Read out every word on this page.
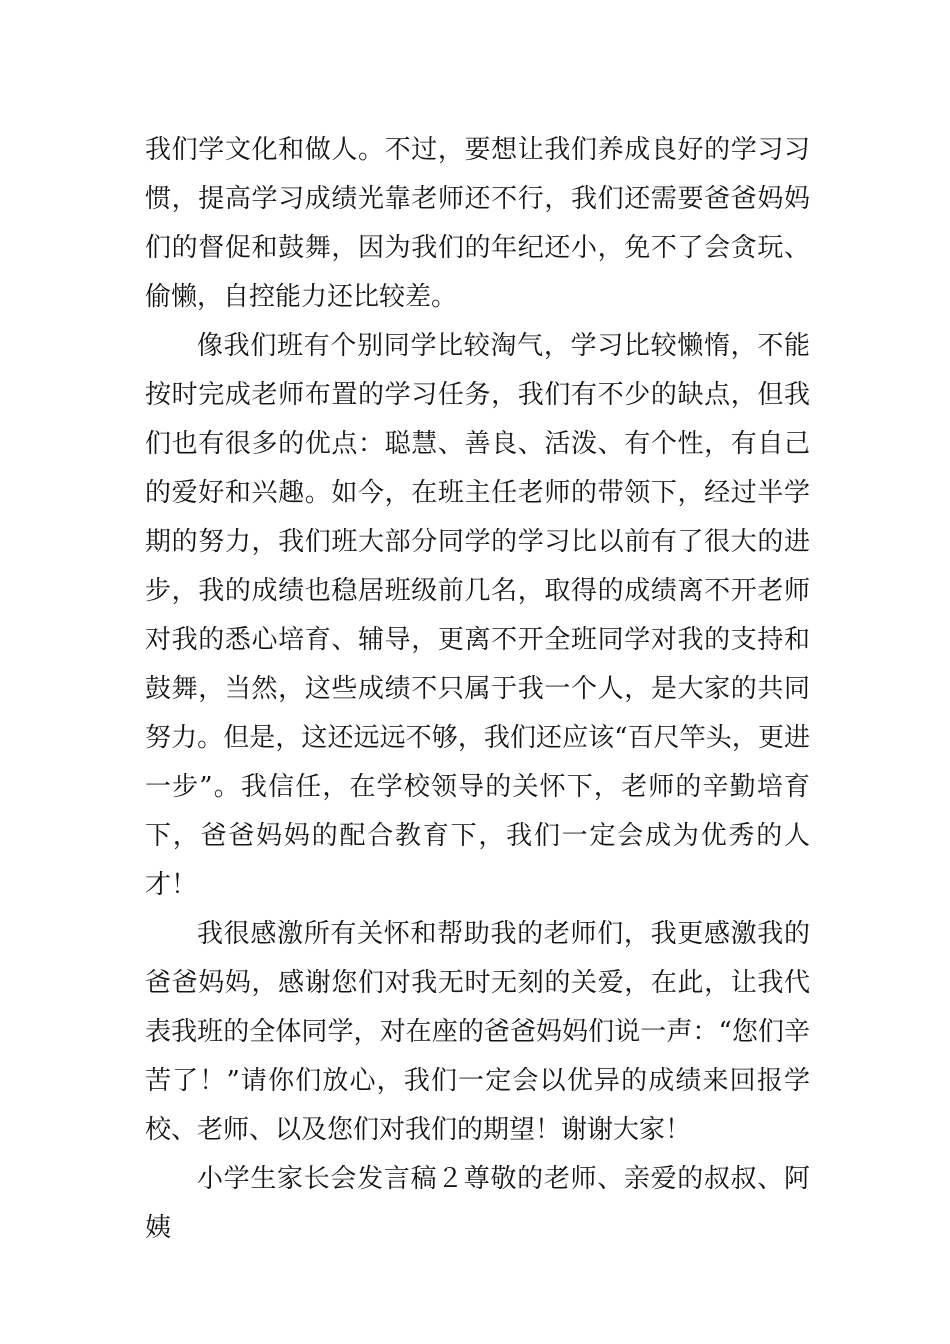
我们学文化和做人。不过，要想让我们养成良好的学习习惯，提高学习成绩光靠老师还不行，我们还需要爸爸妈妈们的督促和鼓舞，因为我们的年纪还小，免不了会贪玩、偷懒，自控能力还比较差。

像我们班有个别同学比较淘气，学习比较懒惰，不能按时完成老师布置的学习任务，我们有不少的缺点，但我们也有很多的优点：聪慧、善良、活泼、有个性，有自己的爱好和兴趣。如今，在班主任老师的带领下，经过半学期的努力，我们班大部分同学的学习比以前有了很大的进步，我的成绩也稳居班级前几名，取得的成绩离不开老师对我的悉心培育、辅导，更离不开全班同学对我的支持和鼓舞，当然，这些成绩不只属于我一个人，是大家的共同努力。但是，这还远远不够，我们还应该“百尺竿头，更进一步”。我信任，在学校领导的关怀下，老师的辛勤培育下，爸爸妈妈的配合教育下，我们一定会成为优秀的人才！

我很感激所有关怀和帮助我的老师们，我更感激我的爸爸妈妈，感谢您们对我无时无刻的关爱，在此，让我代表我班的全体同学，对在座的爸爸妈妈们说一声：“您们辛苦了！”请你们放心，我们一定会以优异的成绩来回报学校、老师、以及您们对我们的期望！谢谢大家！

小学生家长会发言稿２尊敬的老师、亲爱的叔叔、阿姨
